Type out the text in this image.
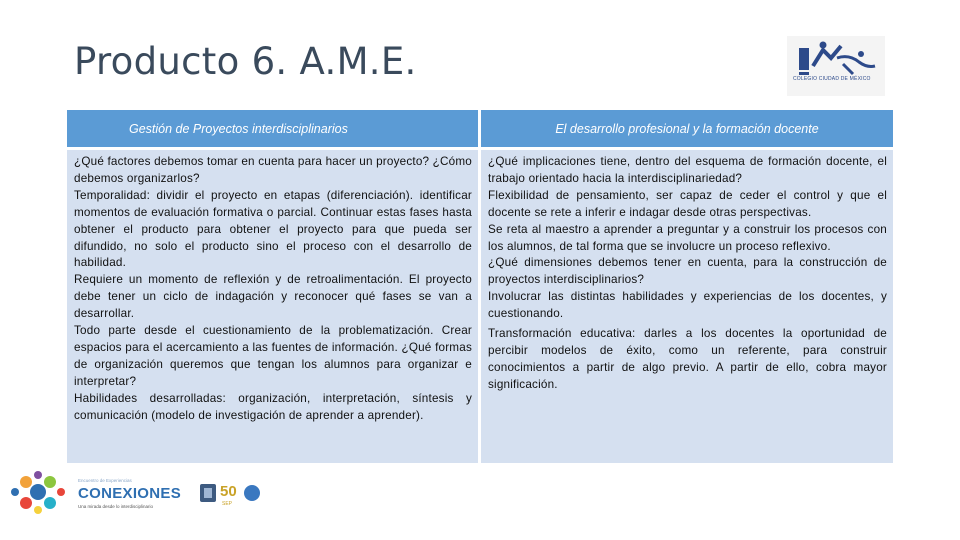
Producto 6. A.M.E.	COLEGIO CIUDAD DE MÉXICO
Gestión de Proyectos interdisciplinarios	El desarrollo profesional y la formación docente

¿Qué factores debemos tomar en cuenta para hacer un proyecto? ¿Cómo debemos organizarlos?

Temporalidad: dividir el proyecto en etapas (diferenciación). identificar momentos de evaluación formativa o parcial. Continuar estas fases hasta obtener el producto para obtener el proyecto para que pueda ser difundido, no solo el producto sino el proceso con el desarrollo de habilidad.

Requiere un momento de reflexión y de retroalimentación. El proyecto debe tener un ciclo de indagación y reconocer qué fases se van a desarrollar.

Todo parte desde el cuestionamiento de la problematización. Crear espacios para el acercamiento a las fuentes de información. ¿Qué formas de organización queremos que tengan los alumnos para organizar e interpretar?

Habilidades desarrolladas: organización, interpretación, síntesis y comunicación (modelo de investigación de aprender a aprender).

¿Qué implicaciones tiene, dentro del esquema de formación docente, el trabajo orientado hacia la interdisciplinariedad?

Flexibilidad de pensamiento, ser capaz de ceder el control y que el docente se rete a inferir e indagar desde otras perspectivas.

Se reta al maestro a aprender a preguntar y a construir los procesos con los alumnos, de tal forma que se involucre un proceso reflexivo.

¿Qué dimensiones debemos tener en cuenta, para la construcción de proyectos interdisciplinarios?

Involucrar las distintas habilidades y experiencias de los docentes, y cuestionando.

Transformación educativa: darles a los docentes la oportunidad de percibir modelos de éxito, como un referente, para construir conocimientos a partir de algo previo. A partir de ello, cobra mayor significación.

Encuentro de Experiencias
CONEXIONES
Una mirada desde lo interdisciplinario
50
SEP
